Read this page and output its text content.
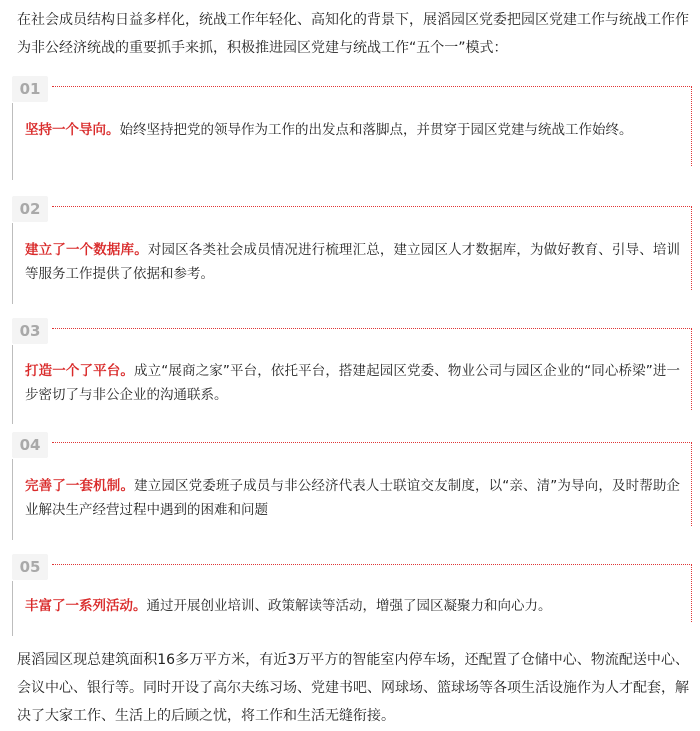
在社会成员结构日益多样化，统战工作年轻化、高知化的背景下，展滔园区党委把园区党建工作与统战工作作为非公经济统战的重要抓手来抓，积极推进园区党建与统战工作“五个一”模式：

01

坚持一个导向。始终坚持把党的领导作为工作的出发点和落脚点，并贯穿于园区党建与统战工作始终。

02

建立了一个数据库。对园区各类社会成员情况进行梳理汇总，建立园区人才数据库，为做好教育、引导、培训等服务工作提供了依据和参考。

03

打造一个了平台。成立“展商之家”平台，依托平台，搭建起园区党委、物业公司与园区企业的“同心桥梁”进一步密切了与非公企业的沟通联系。

04

完善了一套机制。建立园区党委班子成员与非公经济代表人士联谊交友制度，以“亲、清”为导向，及时帮助企业解决生产经营过程中遇到的困难和问题

05

丰富了一系列活动。通过开展创业培训、政策解读等活动，增强了园区凝聚力和向心力。

展滔园区现总建筑面积16多万平方米，有近3万平方的智能室内停车场，还配置了仓储中心、物流配送中心、会议中心、银行等。同时开设了高尔夫练习场、党建书吧、网球场、篮球场等各项生活设施作为人才配套，解决了大家工作、生活上的后顾之忧，将工作和生活无缝衔接。
